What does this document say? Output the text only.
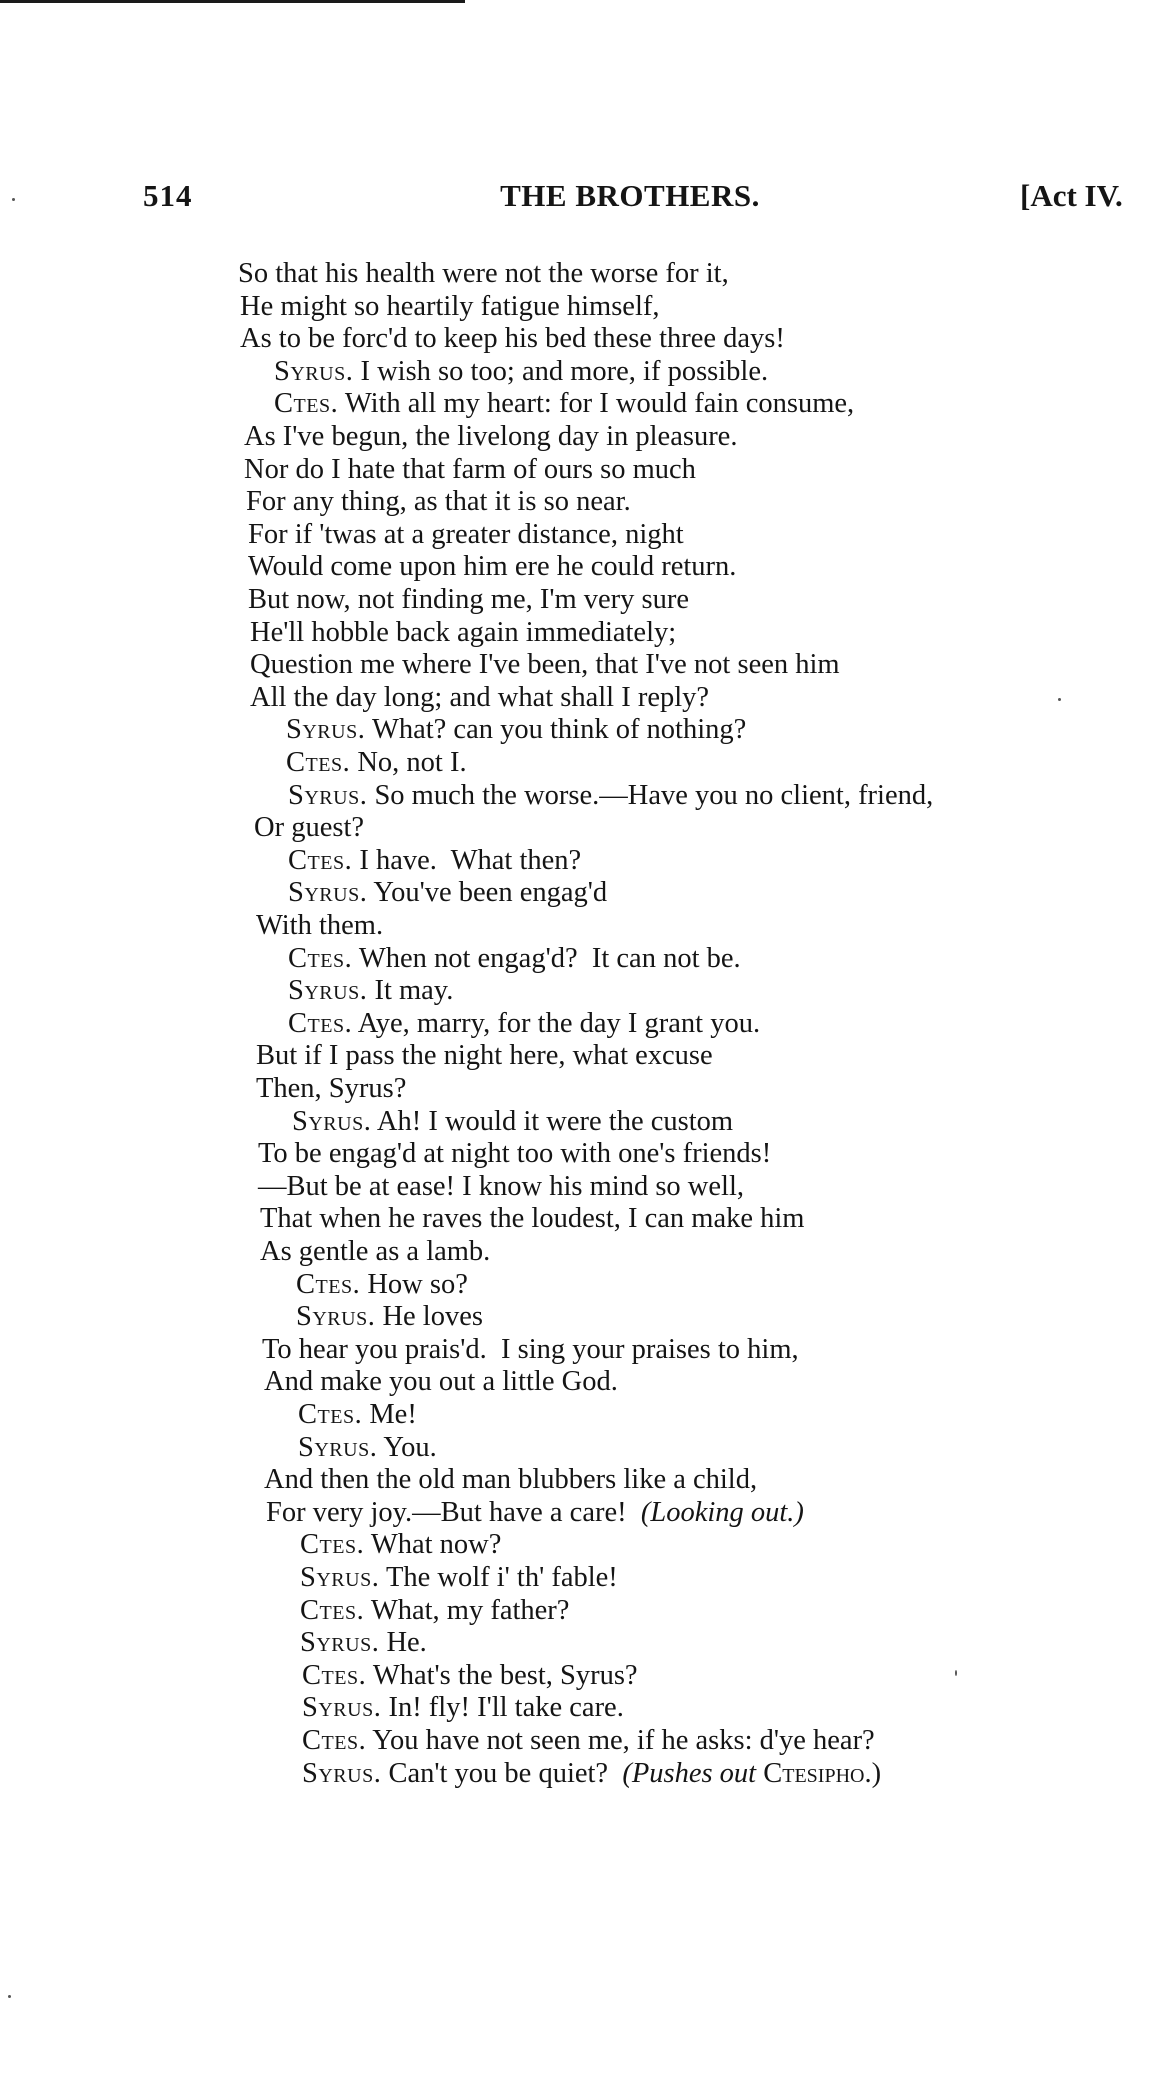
514	THE BROTHERS.	[Act IV.
So that his health were not the worse for it,
He might so heartily fatigue himself,
As to be forc'd to keep his bed these three days!
Syrus. I wish so too; and more, if possible.
Ctes. With all my heart: for I would fain consume,
As I've begun, the livelong day in pleasure.
Nor do I hate that farm of ours so much
For any thing, as that it is so near.
For if 'twas at a greater distance, night
Would come upon him ere he could return.
But now, not finding me, I'm very sure
He'll hobble back again immediately;
Question me where I've been, that I've not seen him
All the day long; and what shall I reply?
Syrus. What? can you think of nothing?
Ctes. No, not I.
Syrus. So much the worse.—Have you no client, friend,
Or guest?
Ctes. I have.  What then?
Syrus. You've been engag'd
With them.
Ctes. When not engag'd?  It can not be.
Syrus. It may.
Ctes. Aye, marry, for the day I grant you.
But if I pass the night here, what excuse
Then, Syrus?
Syrus. Ah! I would it were the custom
To be engag'd at night too with one's friends!
—But be at ease! I know his mind so well,
That when he raves the loudest, I can make him
As gentle as a lamb.
Ctes. How so?
Syrus. He loves
To hear you prais'd.  I sing your praises to him,
And make you out a little God.
Ctes. Me!
Syrus. You.
And then the old man blubbers like a child,
For very joy.—But have a care!  (Looking out.)
Ctes. What now?
Syrus. The wolf i' th' fable!
Ctes. What, my father?
Syrus. He.
Ctes. What's the best, Syrus?
Syrus. In! fly! I'll take care.
Ctes. You have not seen me, if he asks: d'ye hear?
Syrus. Can't you be quiet?  (Pushes out Ctesipho.)
